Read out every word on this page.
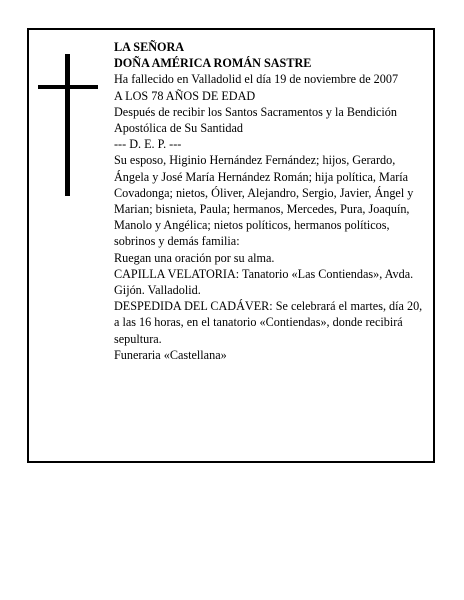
LA SEÑORA

DOÑA AMÉRICA ROMÁN SASTRE

Ha fallecido en Valladolid el día 19 de noviembre de 2007

A LOS 78 AÑOS DE EDAD

Después de recibir los Santos Sacramentos y la Bendición Apostólica de Su Santidad

--- D. E. P. ---

Su esposo, Higinio Hernández Fernández; hijos, Gerardo, Ángela y José María Hernández Román; hija política, María Covadonga; nietos, Óliver, Alejandro, Sergio, Javier, Ángel y Marian; bisnieta, Paula; hermanos, Mercedes, Pura, Joaquín, Manolo y Angélica; nietos políticos, hermanos políticos, sobrinos y demás familia:

Ruegan una oración por su alma.

CAPILLA VELATORIA: Tanatorio «Las Contiendas», Avda. Gijón. Valladolid.

DESPEDIDA DEL CADÁVER: Se celebrará el martes, día 20, a las 16 horas, en el tanatorio «Contiendas», donde recibirá sepultura.

Funeraria «Castellana»
